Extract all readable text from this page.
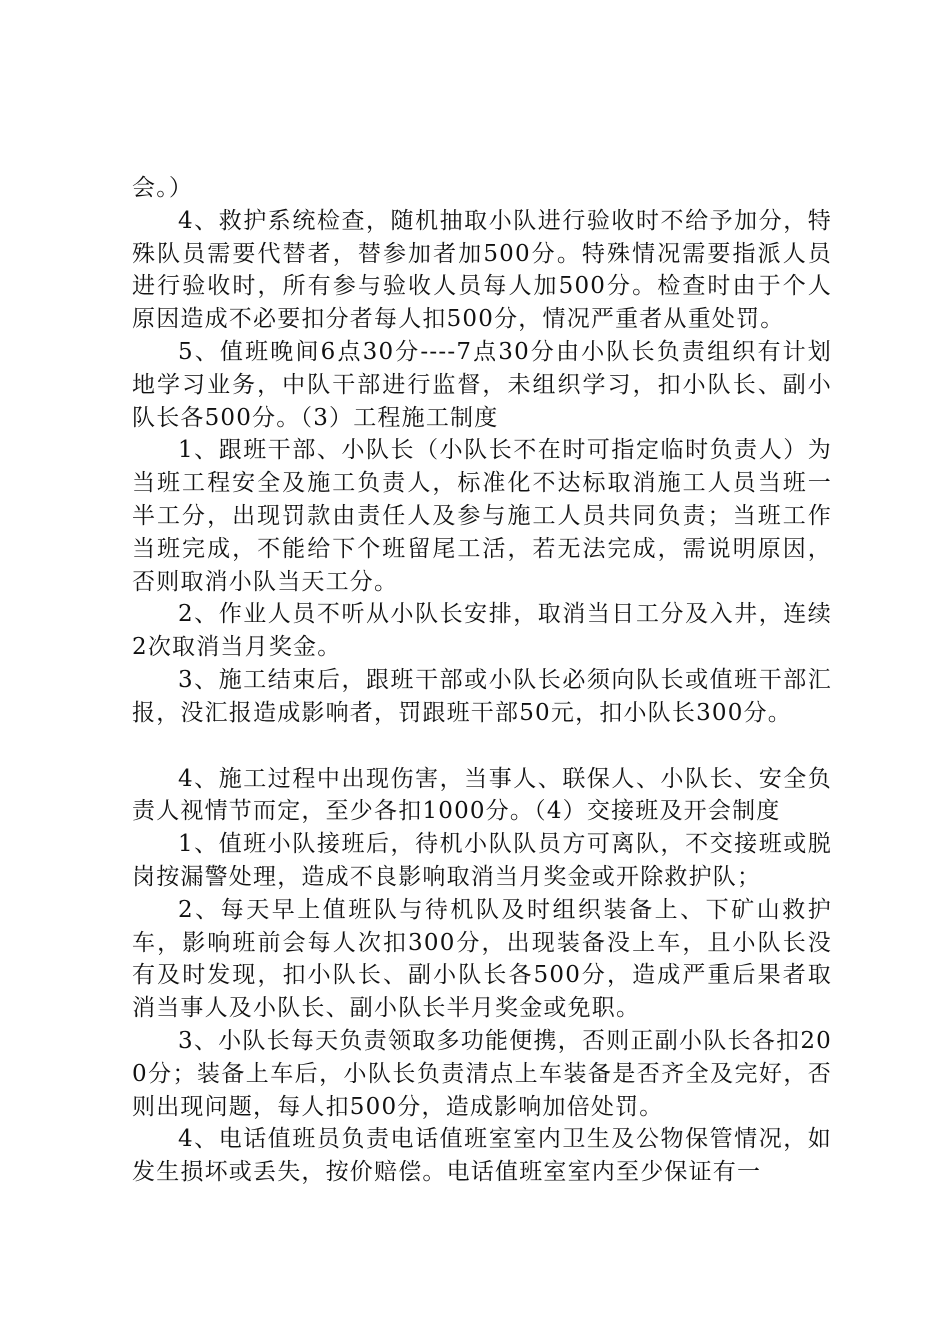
会。）

4、救护系统检查，随机抽取小队进行验收时不给予加分，特殊队员需要代替者，替参加者加500分。特殊情况需要指派人员进行验收时，所有参与验收人员每人加500分。检查时由于个人原因造成不必要扣分者每人扣500分，情况严重者从重处罚。

5、值班晚间6点30分----7点30分由小队长负责组织有计划地学习业务，中队干部进行监督，未组织学习，扣小队长、副小队长各500分。（3）工程施工制度

1、跟班干部、小队长（小队长不在时可指定临时负责人）为当班工程安全及施工负责人，标准化不达标取消施工人员当班一半工分，出现罚款由责任人及参与施工人员共同负责；当班工作当班完成，不能给下个班留尾工活，若无法完成，需说明原因，否则取消小队当天工分。

2、作业人员不听从小队长安排，取消当日工分及入井，连续2次取消当月奖金。

3、施工结束后，跟班干部或小队长必须向队长或值班干部汇报，没汇报造成影响者，罚跟班干部50元，扣小队长300分。

4、施工过程中出现伤害，当事人、联保人、小队长、安全负责人视情节而定，至少各扣1000分。（4）交接班及开会制度

1、值班小队接班后，待机小队队员方可离队，不交接班或脱岗按漏警处理，造成不良影响取消当月奖金或开除救护队；

2、每天早上值班队与待机队及时组织装备上、下矿山救护车，影响班前会每人次扣300分，出现装备没上车，且小队长没有及时发现，扣小队长、副小队长各500分，造成严重后果者取消当事人及小队长、副小队长半月奖金或免职。

3、小队长每天负责领取多功能便携，否则正副小队长各扣200分；装备上车后，小队长负责清点上车装备是否齐全及完好，否则出现问题，每人扣500分，造成影响加倍处罚。

4、电话值班员负责电话值班室室内卫生及公物保管情况，如发生损坏或丢失，按价赔偿。电话值班室室内至少保证有一
